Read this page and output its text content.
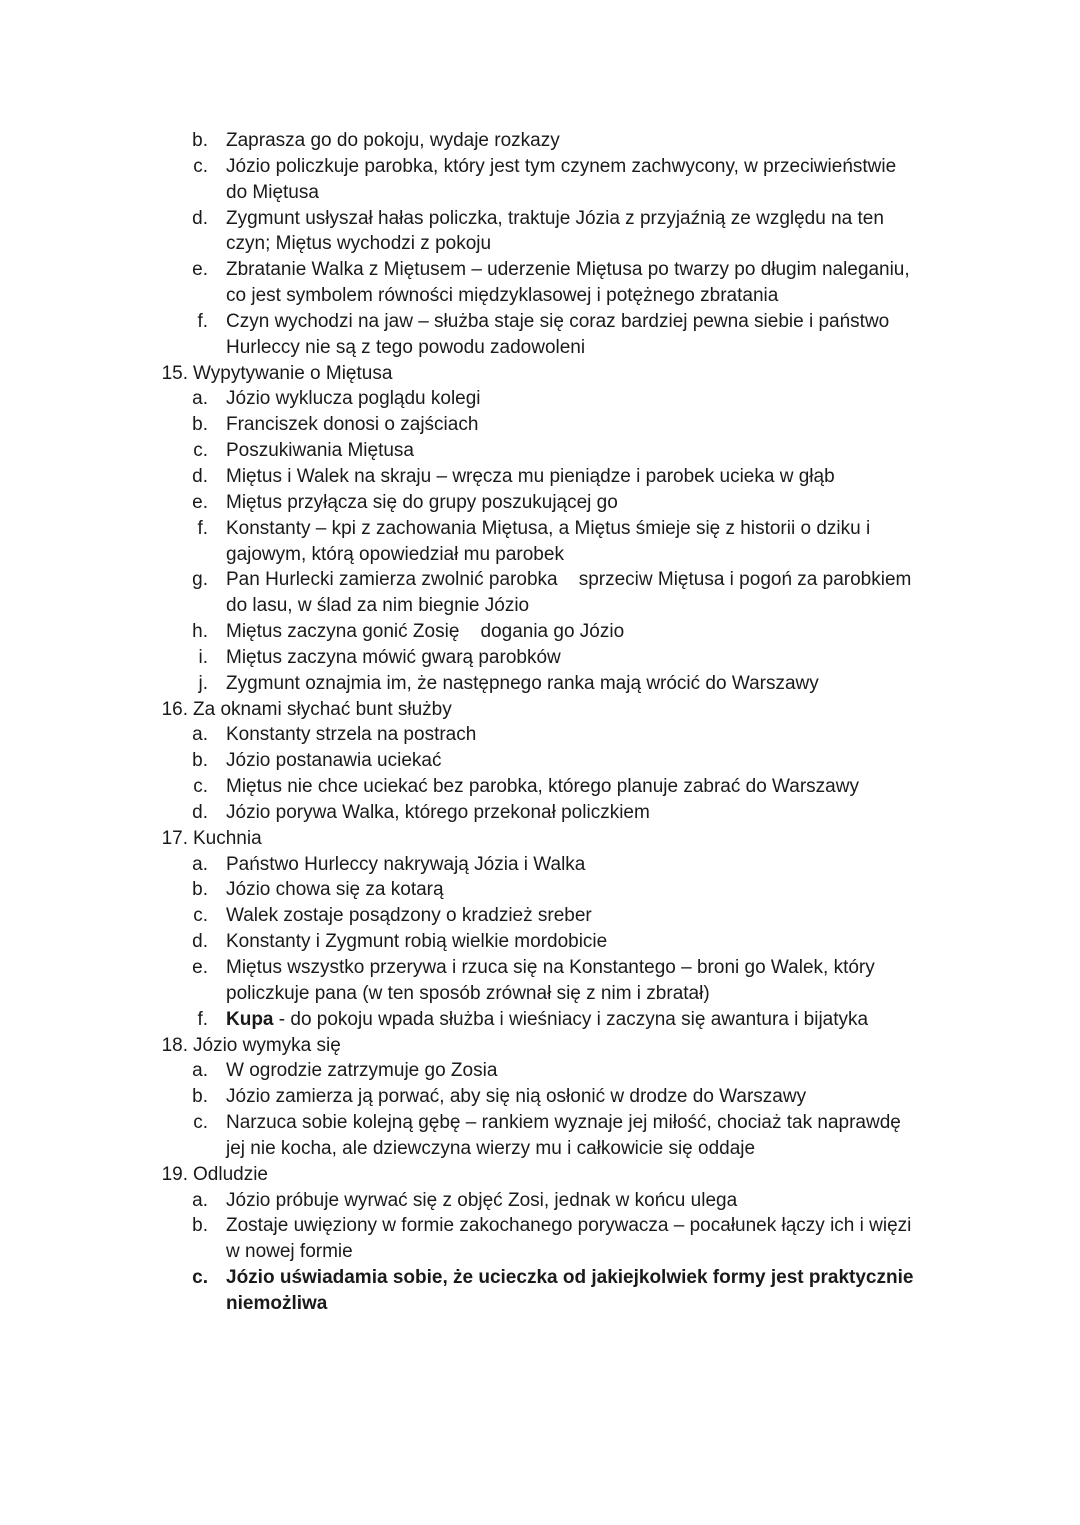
b. Zaprasza go do pokoju, wydaje rozkazy
c. Józio policzkuje parobka, który jest tym czynem zachwycony, w przeciwieństwie
do Miętusa
d. Zygmunt usłyszał hałas policzka, traktuje Józia z przyjaźnią ze względu na ten
czyn; Miętus wychodzi z pokoju
e. Zbratanie Walka z Miętusem – uderzenie Miętusa po twarzy po długim naleganiu,
co jest symbolem równości międzyklasowej i potężnego zbratania
f. Czyn wychodzi na jaw – służba staje się coraz bardziej pewna siebie i państwo
Hurleccy nie są z tego powodu zadowoleni
15. Wypytywanie o Miętusa
a. Józio wyklucza poglądu kolegi
b. Franciszek donosi o zajściach
c. Poszukiwania Miętusa
d. Miętus i Walek na skraju – wręcza mu pieniądze i parobek ucieka w głąb
e. Miętus przyłącza się do grupy poszukującej go
f. Konstanty – kpi z zachowania Miętusa, a Miętus śmieje się z historii o dziku i
gajowym, którą opowiedział mu parobek
g. Pan Hurlecki zamierza zwolnić parobka    sprzeciw Miętusa i pogoń za parobkiem
do lasu, w ślad za nim biegnie Józio
h. Miętus zaczyna gonić Zosię    dogania go Józio
i. Miętus zaczyna mówić gwarą parobków
j. Zygmunt oznajmia im, że następnego ranka mają wrócić do Warszawy
16. Za oknami słychać bunt służby
a. Konstanty strzela na postrach
b. Józio postanawia uciekać
c. Miętus nie chce uciekać bez parobka, którego planuje zabrać do Warszawy
d. Józio porywa Walka, którego przekonał policzkiem
17. Kuchnia
a. Państwo Hurleccy nakrywają Józia i Walka
b. Józio chowa się za kotarą
c. Walek zostaje posądzony o kradzież sreber
d. Konstanty i Zygmunt robią wielkie mordobicie
e. Miętus wszystko przerywa i rzuca się na Konstantego – broni go Walek, który
policzkuje pana (w ten sposób zrównał się z nim i zbratał)
f. Kupa - do pokoju wpada służba i wieśniacy i zaczyna się awantura i bijatyka
18. Józio wymyka się
a. W ogrodzie zatrzymuje go Zosia
b. Józio zamierza ją porwać, aby się nią osłonić w drodze do Warszawy
c. Narzuca sobie kolejną gębę – rankiem wyznaje jej miłość, chociaż tak naprawdę
jej nie kocha, ale dziewczyna wierzy mu i całkowicie się oddaje
19. Odludzie
a. Józio próbuje wyrwać się z objęć Zosi, jednak w końcu ulega
b. Zostaje uwięziony w formie zakochanego porywacza – pocałunek łączy ich i więzi
w nowej formie
c. Józio uświadamia sobie, że ucieczka od jakiejkolwiek formy jest praktycznie
niemożliwa
